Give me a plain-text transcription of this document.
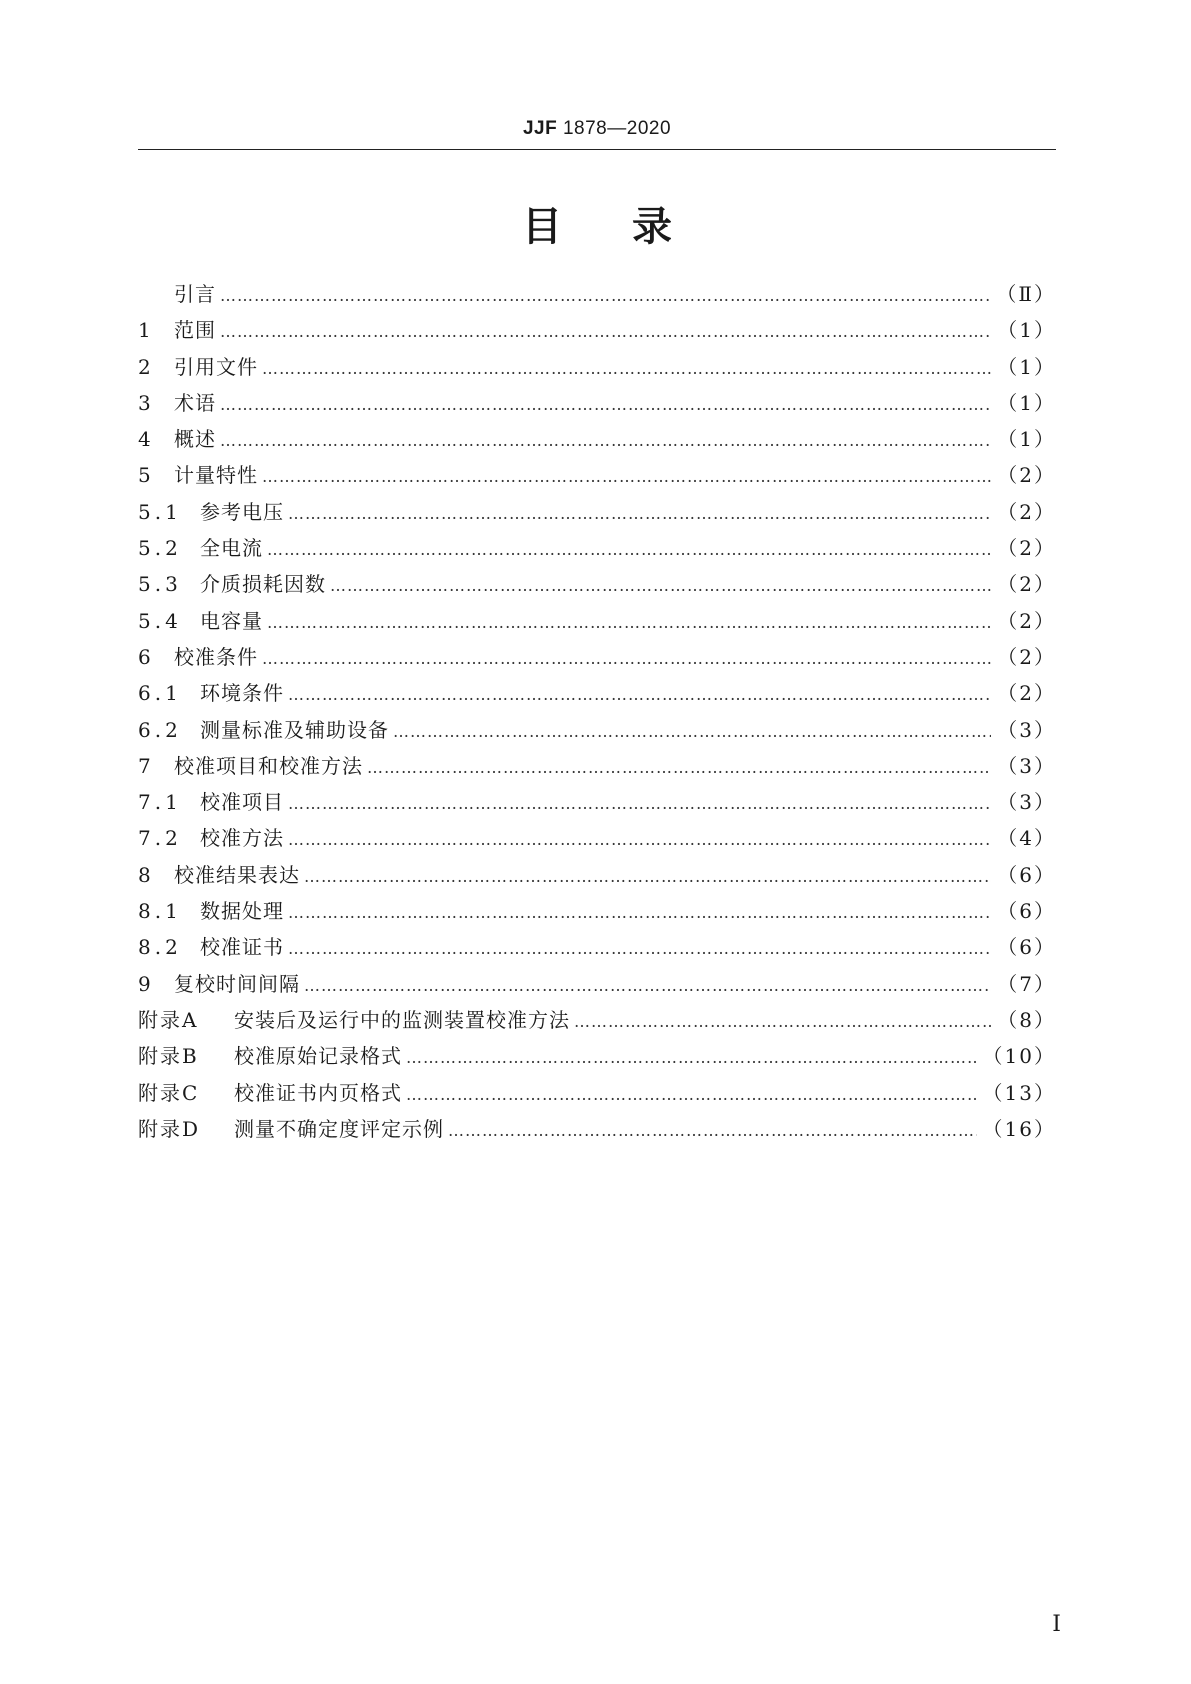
JJF 1878—2020
目录
引言 ……………………………………………………………………………………………………………………………………………………………………………………………………………………	（Ⅱ）
1 范围 ……………………………………………………………………………………………………………………………………………………………………………………………………………………	（1）
2 引用文件 ……………………………………………………………………………………………………………………………………………………………………………………………………………………	（1）
3 术语 ……………………………………………………………………………………………………………………………………………………………………………………………………………………	（1）
4 概述 ……………………………………………………………………………………………………………………………………………………………………………………………………………………	（1）
5 计量特性 ……………………………………………………………………………………………………………………………………………………………………………………………………………………	（2）
5.1 参考电压 ……………………………………………………………………………………………………………………………………………………………………………………………………………………	（2）
5.2 全电流 ……………………………………………………………………………………………………………………………………………………………………………………………………………………	（2）
5.3 介质损耗因数 ……………………………………………………………………………………………………………………………………………………………………………………………………………………	（2）
5.4 电容量 ……………………………………………………………………………………………………………………………………………………………………………………………………………………	（2）
6 校准条件 ……………………………………………………………………………………………………………………………………………………………………………………………………………………	（2）
6.1 环境条件 ……………………………………………………………………………………………………………………………………………………………………………………………………………………	（2）
6.2 测量标准及辅助设备 ……………………………………………………………………………………………………………………………………………………………………………………………………………………	（3）
7 校准项目和校准方法 ……………………………………………………………………………………………………………………………………………………………………………………………………………………	（3）
7.1 校准项目 ……………………………………………………………………………………………………………………………………………………………………………………………………………………	（3）
7.2 校准方法 ……………………………………………………………………………………………………………………………………………………………………………………………………………………	（4）
8 校准结果表达 ……………………………………………………………………………………………………………………………………………………………………………………………………………………	（6）
8.1 数据处理 ……………………………………………………………………………………………………………………………………………………………………………………………………………………	（6）
8.2 校准证书 ……………………………………………………………………………………………………………………………………………………………………………………………………………………	（6）
9 复校时间间隔 ……………………………………………………………………………………………………………………………………………………………………………………………………………………	（7）
附录A	安装后及运行中的监测装置校准方法 ……………………………………………………………………………………………………………………………………………………………………………………………………………………	（8）
附录B	校准原始记录格式 ……………………………………………………………………………………………………………………………………………………………………………………………………………………	（10）
附录C	校准证书内页格式 ……………………………………………………………………………………………………………………………………………………………………………………………………………………	（13）
附录D	测量不确定度评定示例 ……………………………………………………………………………………………………………………………………………………………………………………………………………………	（16）
Ⅰ
